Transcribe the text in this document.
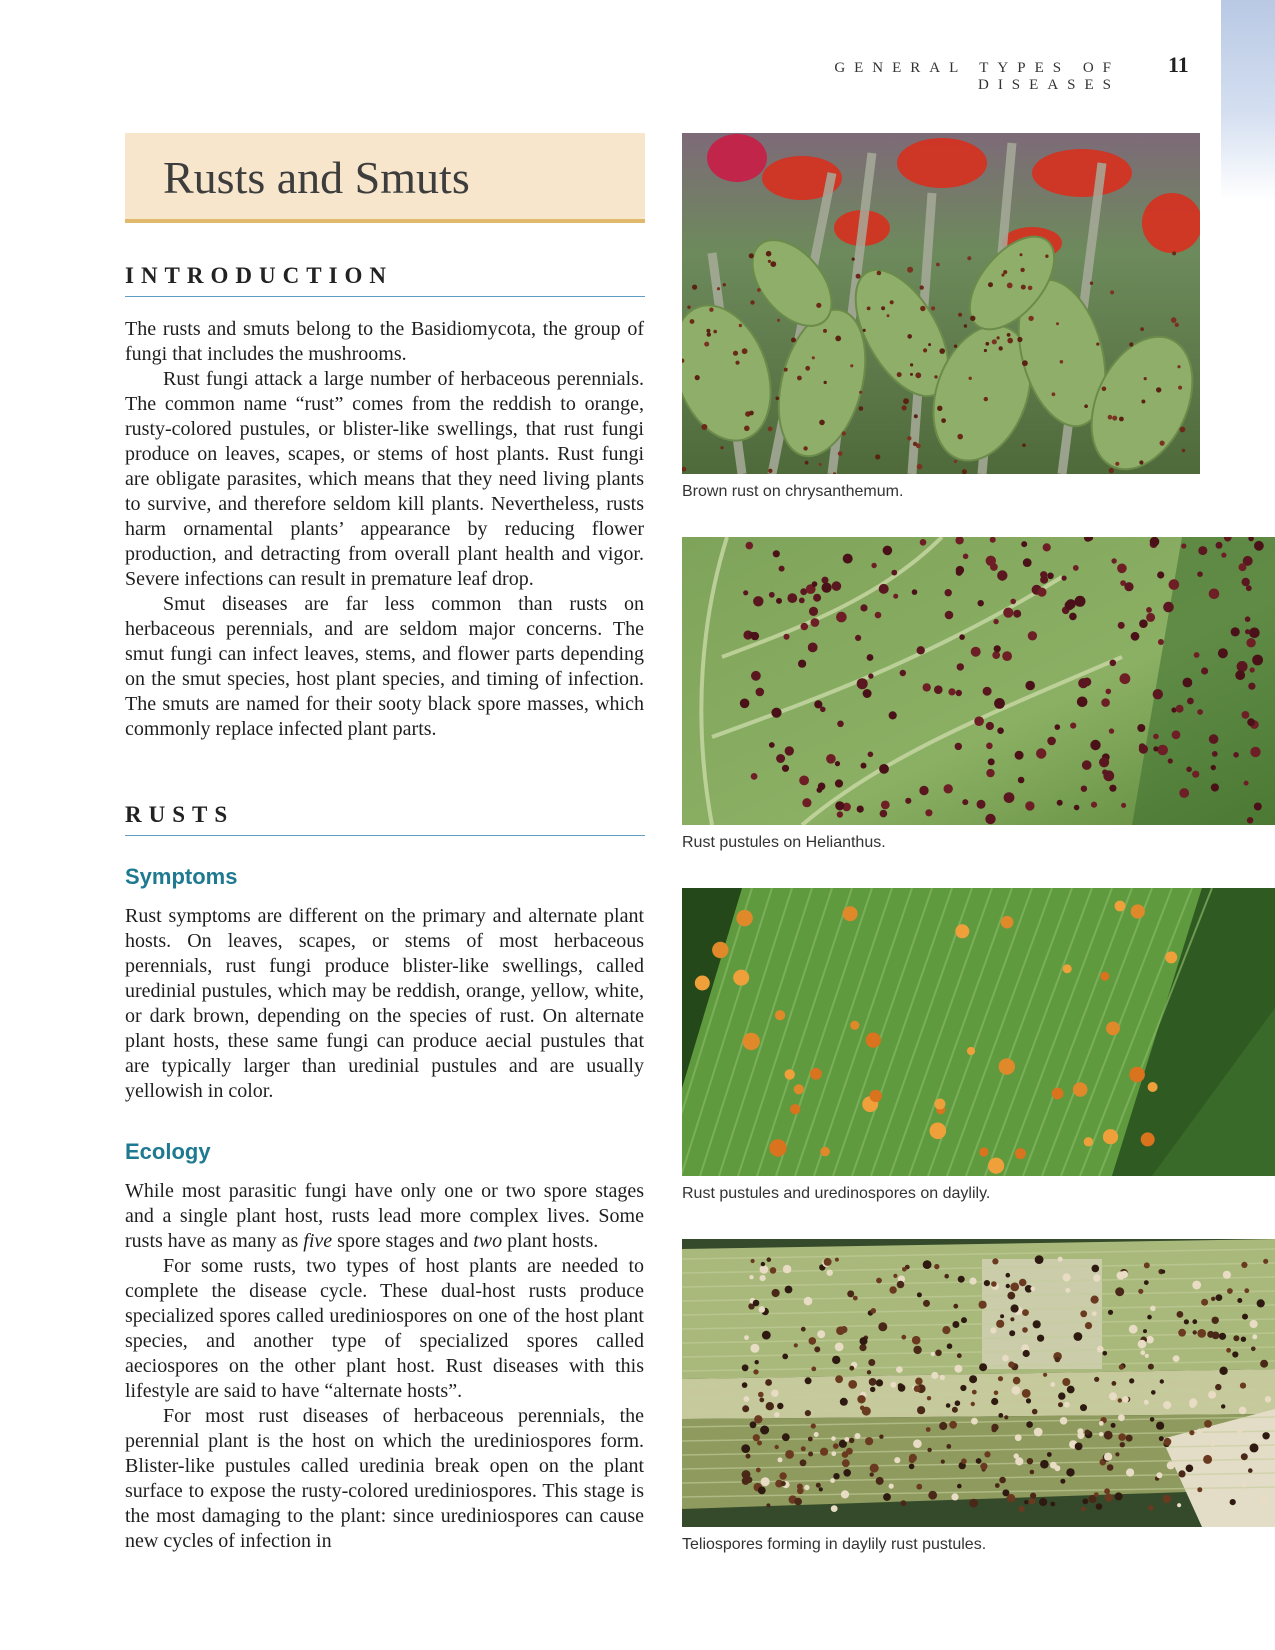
GENERAL TYPES OF DISEASES
11
Rusts and Smuts
INTRODUCTION

The rusts and smuts belong to the Basidiomycota, the group of fungi that includes the mushrooms.

Rust fungi attack a large number of herbaceous perennials. The common name “rust” comes from the reddish to orange, rusty-colored pustules, or blister-like swellings, that rust fungi produce on leaves, scapes, or stems of host plants. Rust fungi are obligate parasites, which means that they need living plants to survive, and therefore seldom kill plants. Nevertheless, rusts harm ornamental plants’ appearance by reducing flower production, and detracting from overall plant health and vigor. Severe infections can result in premature leaf drop.

Smut diseases are far less common than rusts on herbaceous perennials, and are seldom major concerns. The smut fungi can infect leaves, stems, and flower parts depending on the smut species, host plant species, and timing of infection. The smuts are named for their sooty black spore masses, which commonly replace infected plant parts.

RUSTS
Symptoms

Rust symptoms are different on the primary and alternate plant hosts. On leaves, scapes, or stems of most herbaceous perennials, rust fungi produce blister-like swellings, called uredinial pustules, which may be reddish, orange, yellow, white, or dark brown, depending on the species of rust. On alternate plant hosts, these same fungi can produce aecial pustules that are typically larger than uredinial pustules and are usually yellowish in color.

Ecology

While most parasitic fungi have only one or two spore stages and a single plant host, rusts lead more complex lives. Some rusts have as many as five spore stages and two plant hosts.

For some rusts, two types of host plants are needed to complete the disease cycle. These dual-host rusts produce specialized spores called urediniospores on one of the host plant species, and another type of specialized spores called aeciospores on the other plant host. Rust diseases with this lifestyle are said to have “alternate hosts”.

For most rust diseases of herbaceous perennials, the perennial plant is the host on which the urediniospores form. Blister-like pustules called uredinia break open on the plant surface to expose the rusty-colored urediniospores. This stage is the most damaging to the plant: since urediniospores can cause new cycles of infection in

Brown rust on chrysanthemum.
Rust pustules on Helianthus.
Rust pustules and uredinospores on daylily.
Teliospores forming in daylily rust pustules.
